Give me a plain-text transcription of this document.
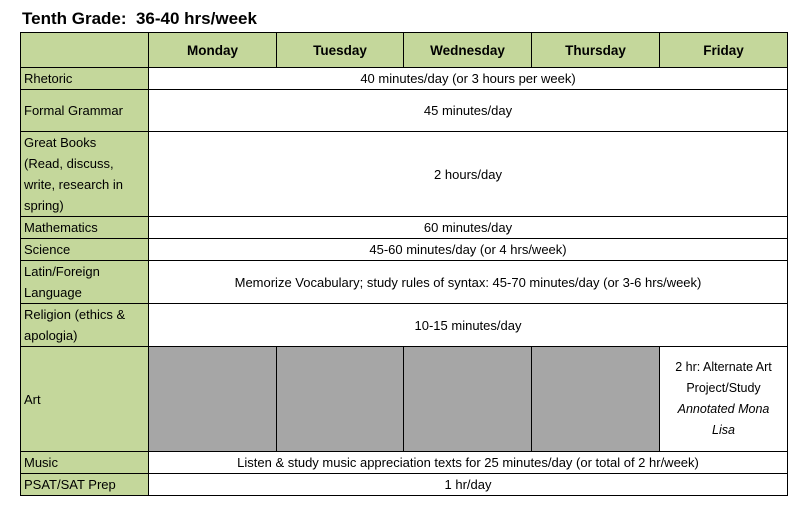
Tenth Grade:  36-40 hrs/week
	Monday	Tuesday	Wednesday	Thursday	Friday
Rhetoric	40 minutes/day (or 3 hours per week)				
Formal Grammar	45 minutes/day				

Great Books
(Read, discuss,
write, research in
spring)	2 hours/day				
Mathematics	60 minutes/day				
Science	45-60 minutes/day (or 4 hrs/week)				

Latin/Foreign
Language	Memorize Vocabulary; study rules of syntax: 45-70 minutes/day (or 3-6 hrs/week)				

Religion (ethics &
apologia)	10-15 minutes/day				
Art					2 hr: Alternate Art
Project/Study
Annotated Mona
Lisa

Music	Listen & study music appreciation texts for 25 minutes/day (or total of 2 hr/week)				
PSAT/SAT Prep	1 hr/day				
